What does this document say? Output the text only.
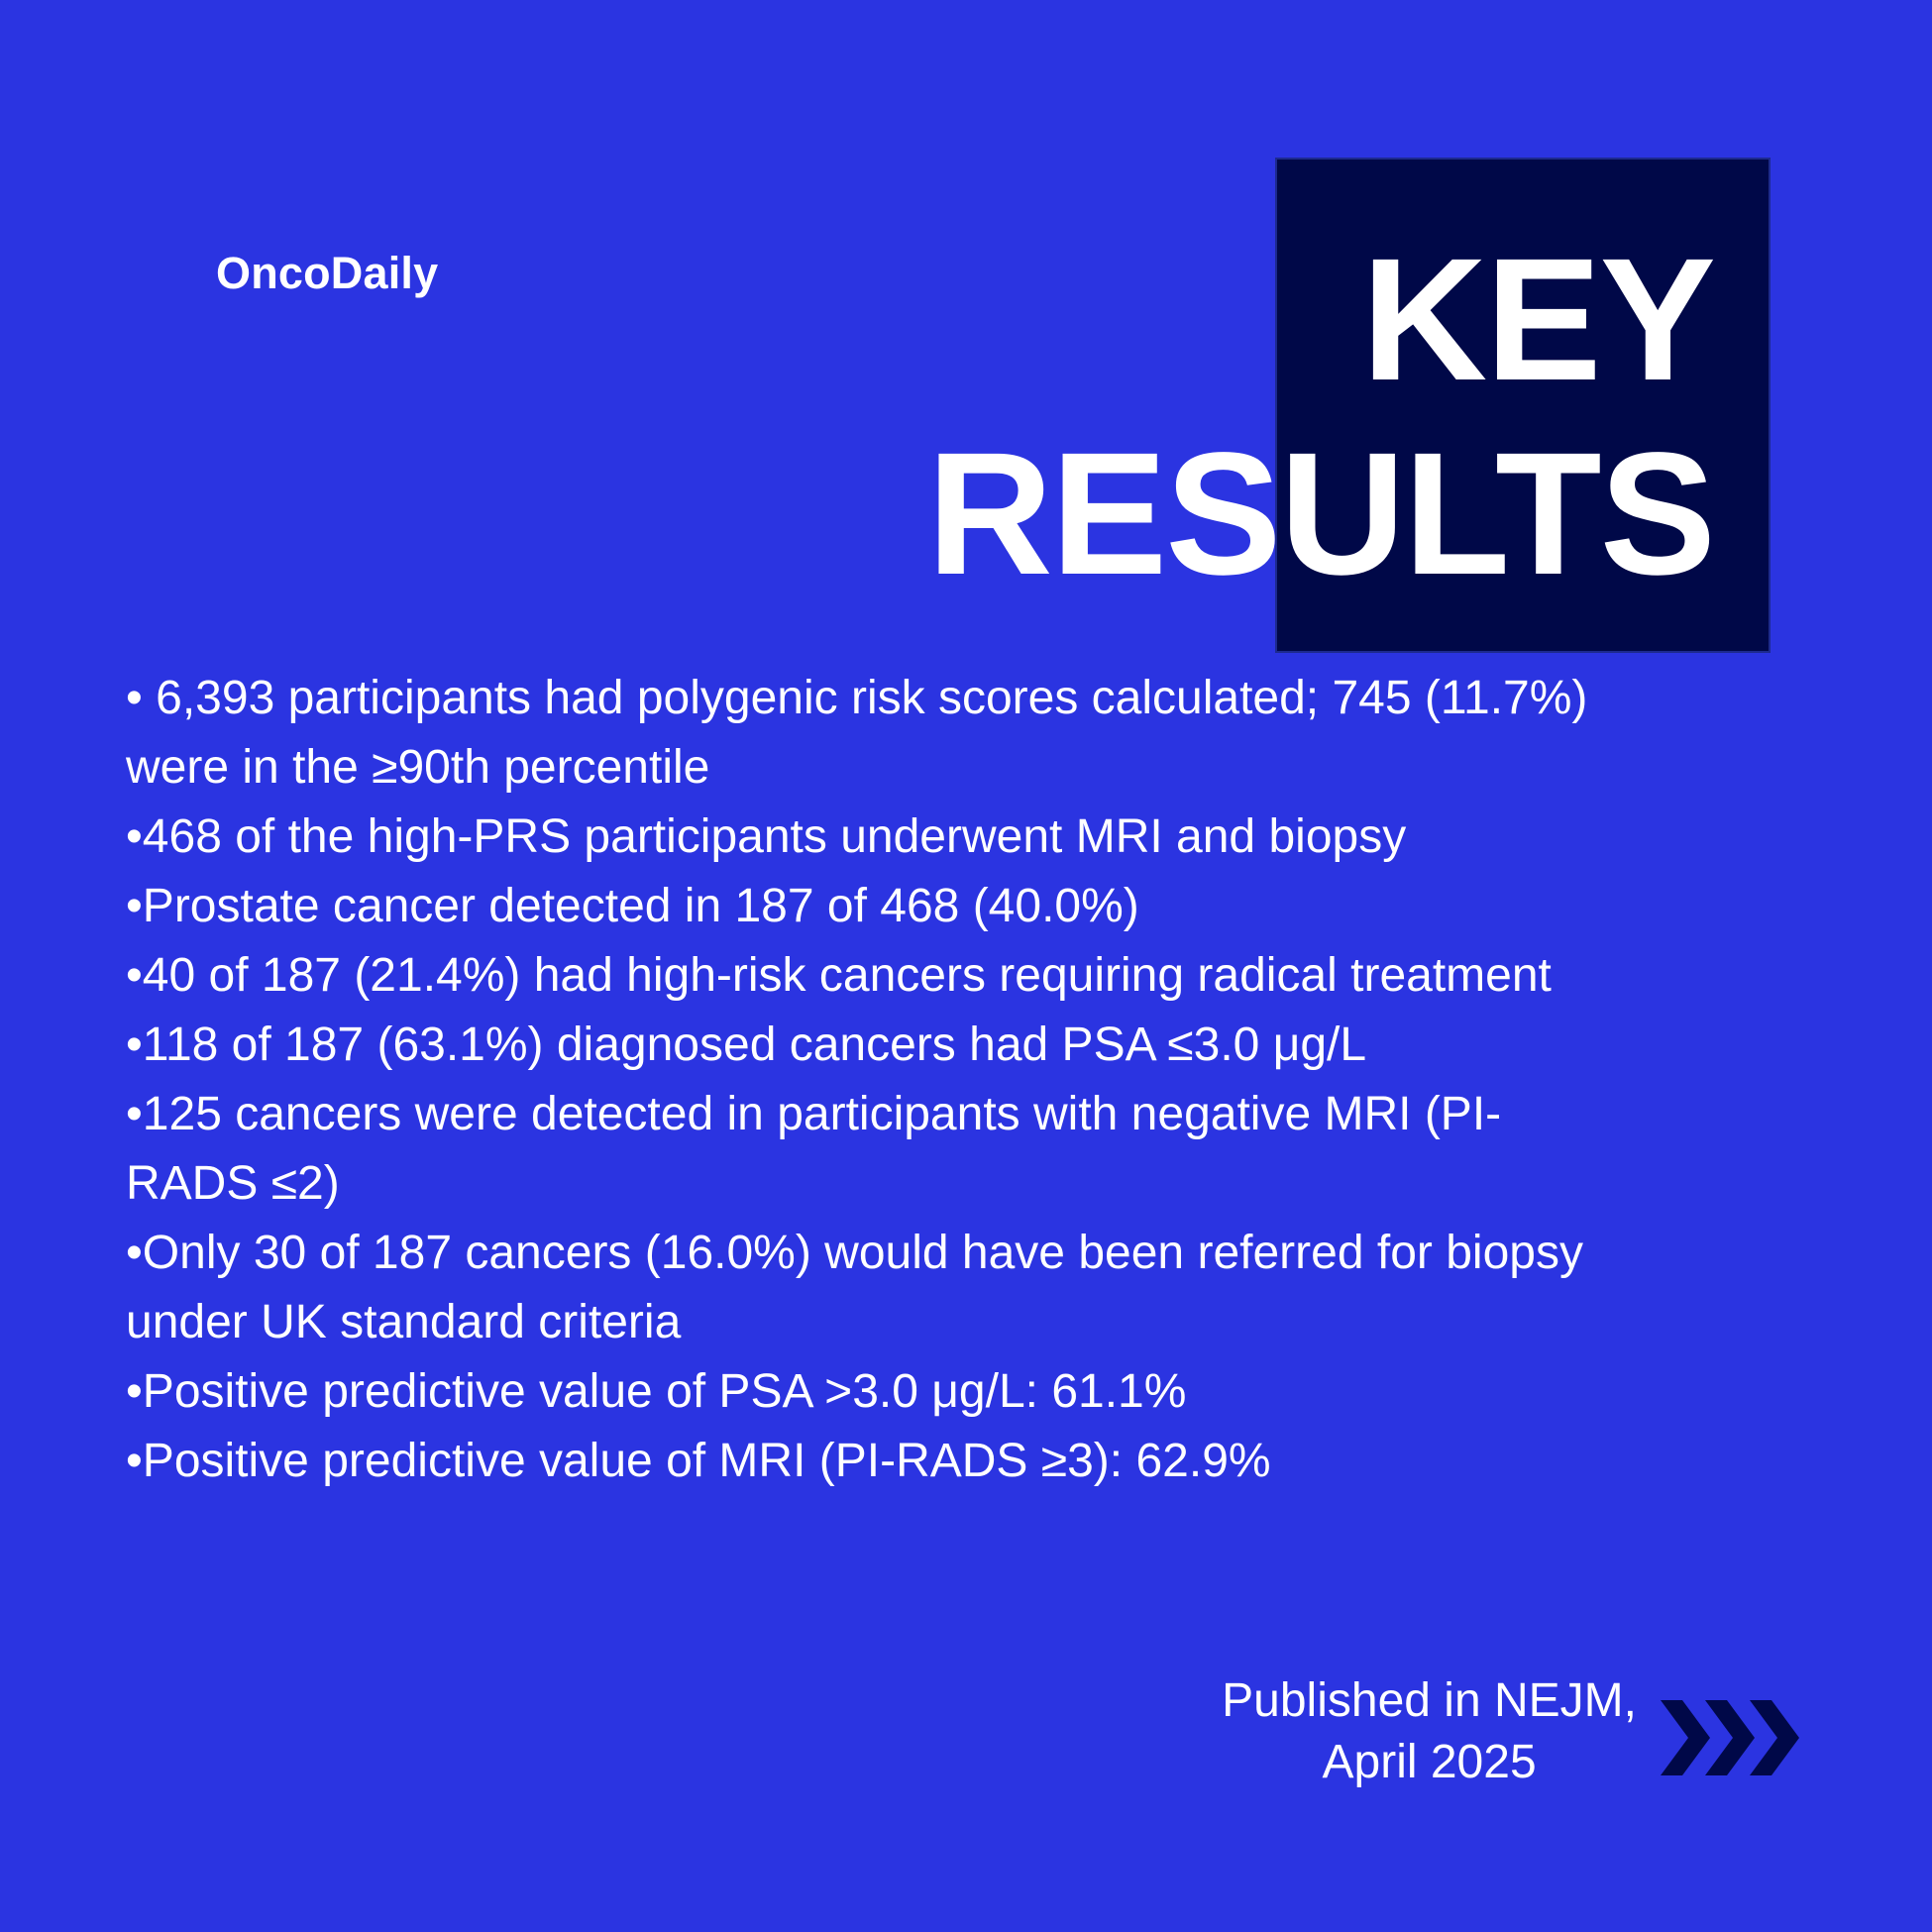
OncoDaily	KEY
RESULTS
• 6,393 participants had polygenic risk scores calculated; 745 (11.7%) were in the ≥90th percentile
•468 of the high-PRS participants underwent MRI and biopsy
•Prostate cancer detected in 187 of 468 (40.0%)
•40 of 187 (21.4%) had high-risk cancers requiring radical treatment
•118 of 187 (63.1%) diagnosed cancers had PSA ≤3.0 μg/L
•125 cancers were detected in participants with negative MRI (PI-RADS ≤2)
•Only 30 of 187 cancers (16.0%) would have been referred for biopsy under UK standard criteria
•Positive predictive value of PSA >3.0 μg/L: 61.1%
•Positive predictive value of MRI (PI-RADS ≥3): 62.9%
Published in NEJM,
April 2025
